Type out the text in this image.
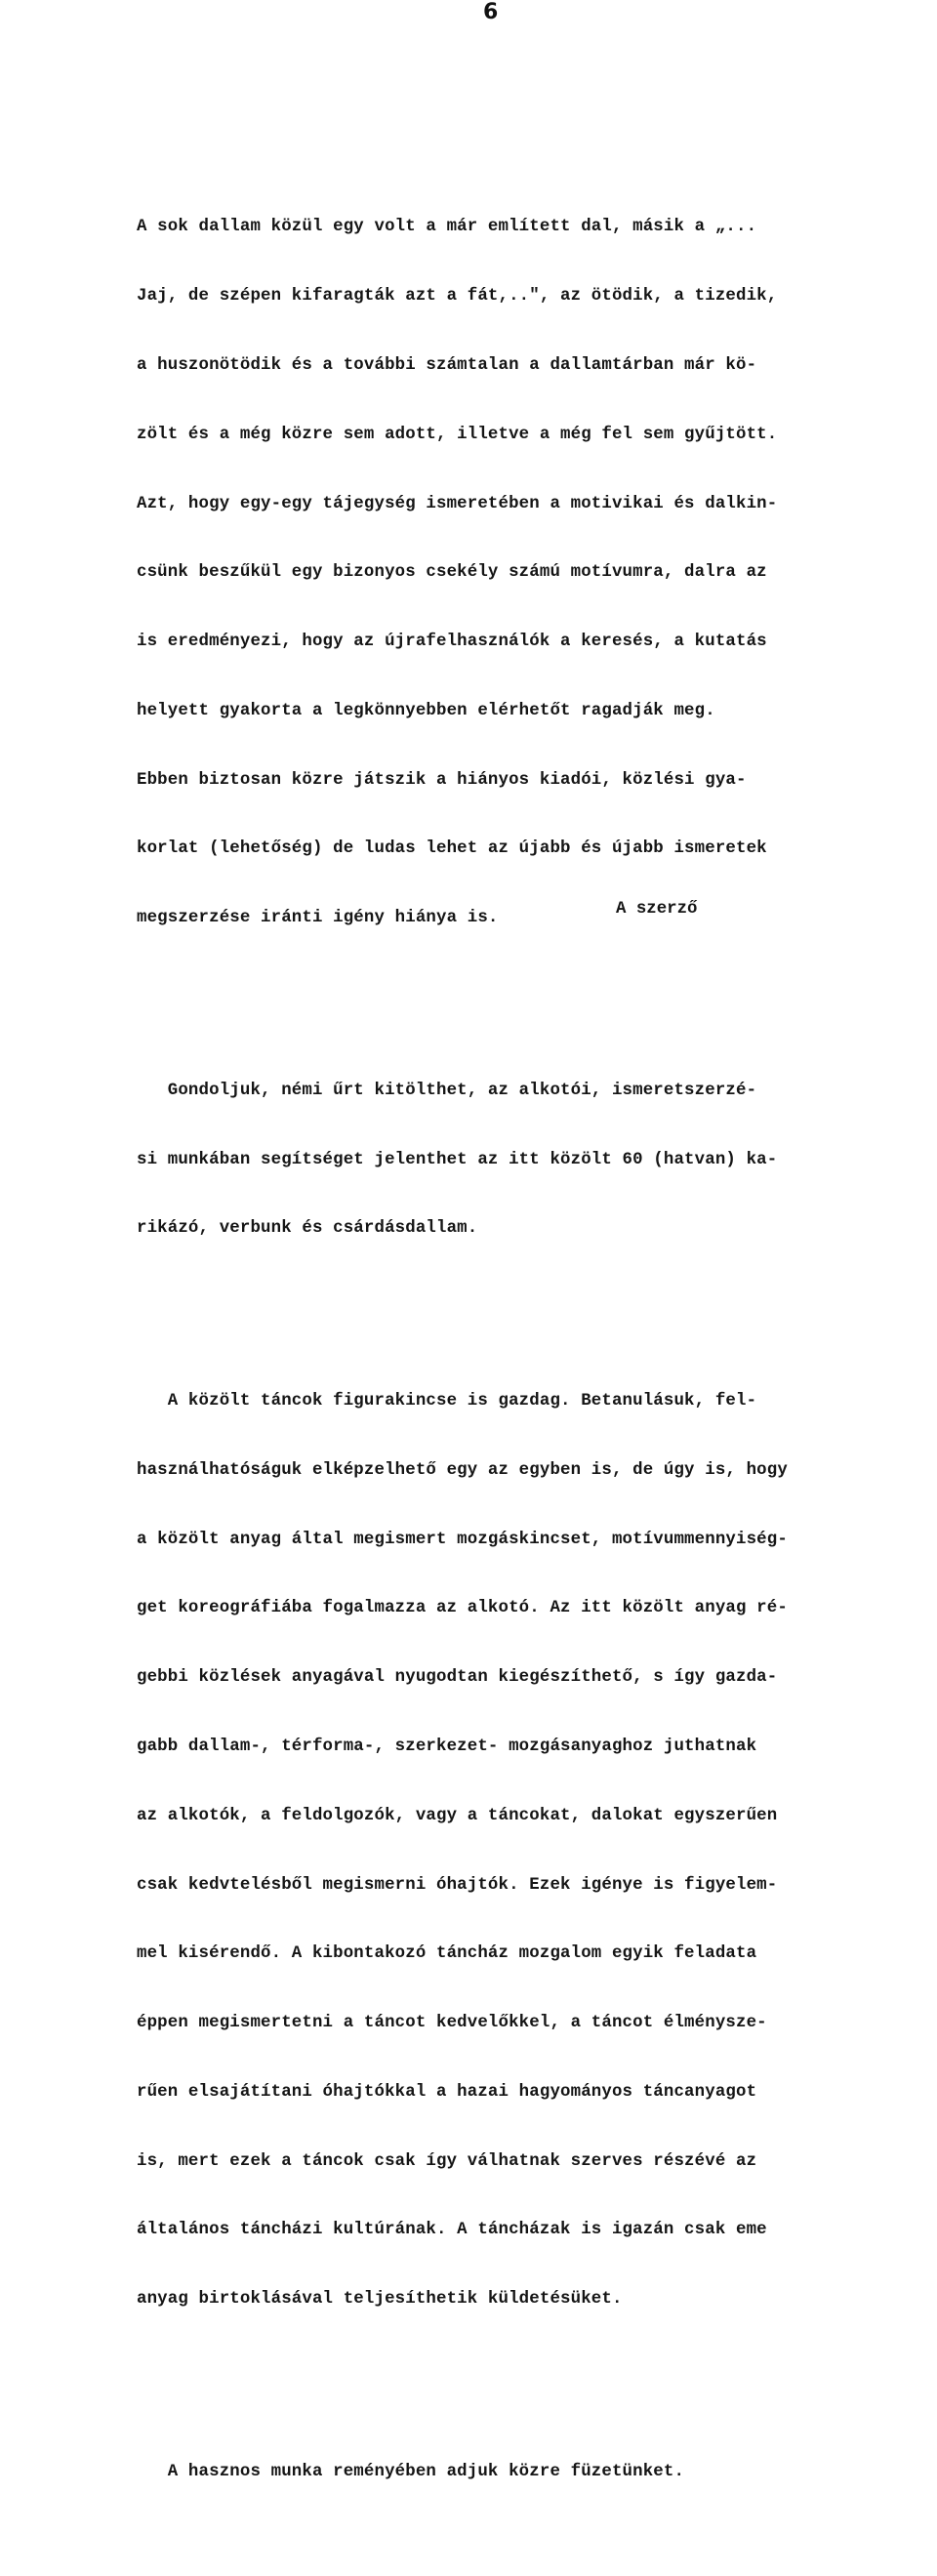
6

A sok dallam közül egy volt a már említett dal, másik a „...

Jaj, de szépen kifaragták azt a fát,..", az ötödik, a tizedik,

a huszonötödik és a további számtalan a dallamtárban már kö-

zölt és a még közre sem adott, illetve a még fel sem gyűjtött.

Azt, hogy egy-egy tájegység ismeretében a motivikai és dalkin-

csünk beszűkül egy bizonyos csekély számú motívumra, dalra az

is eredményezi, hogy az újrafelhasználók a keresés, a kutatás

helyett gyakorta a legkönnyebben elérhetőt ragadják meg.

Ebben biztosan közre játszik a hiányos kiadói, közlési gya-

korlat (lehetőség) de ludas lehet az újabb és újabb ismeretek

megszerzése iránti igény hiánya is.

Gondoljuk, némi űrt kitölthet, az alkotói, ismeretszerzé-

si munkában segítséget jelenthet az itt közölt 60 (hatvan) ka-

rikázó, verbunk és csárdásdallam.

A közölt táncok figurakincse is gazdag. Betanulásuk, fel-

használhatóságuk elképzelhető egy az egyben is, de úgy is, hogy

a közölt anyag által megismert mozgáskincset, motívummennyiség-

get koreográfiába fogalmazza az alkotó. Az itt közölt anyag ré-

gebbi közlések anyagával nyugodtan kiegészíthető, s így gazda-

gabb dallam-, térforma-, szerkezet- mozgásanyaghoz juthatnak

az alkotók, a feldolgozók, vagy a táncokat, dalokat egyszerűen

csak kedvtelésből megismerni óhajtók. Ezek igénye is figyelem-

mel kisérendő. A kibontakozó táncház mozgalom egyik feladata

éppen megismertetni a táncot kedvelőkkel, a táncot élménysze-

rűen elsajátítani óhajtókkal a hazai hagyományos táncanyagot

is, mert ezek a táncok csak így válhatnak szerves részévé az

általános táncházi kultúrának. A táncházak is igazán csak eme

anyag birtoklásával teljesíthetik küldetésüket.

A hasznos munka reményében adjuk közre füzetünket.

A szerző
